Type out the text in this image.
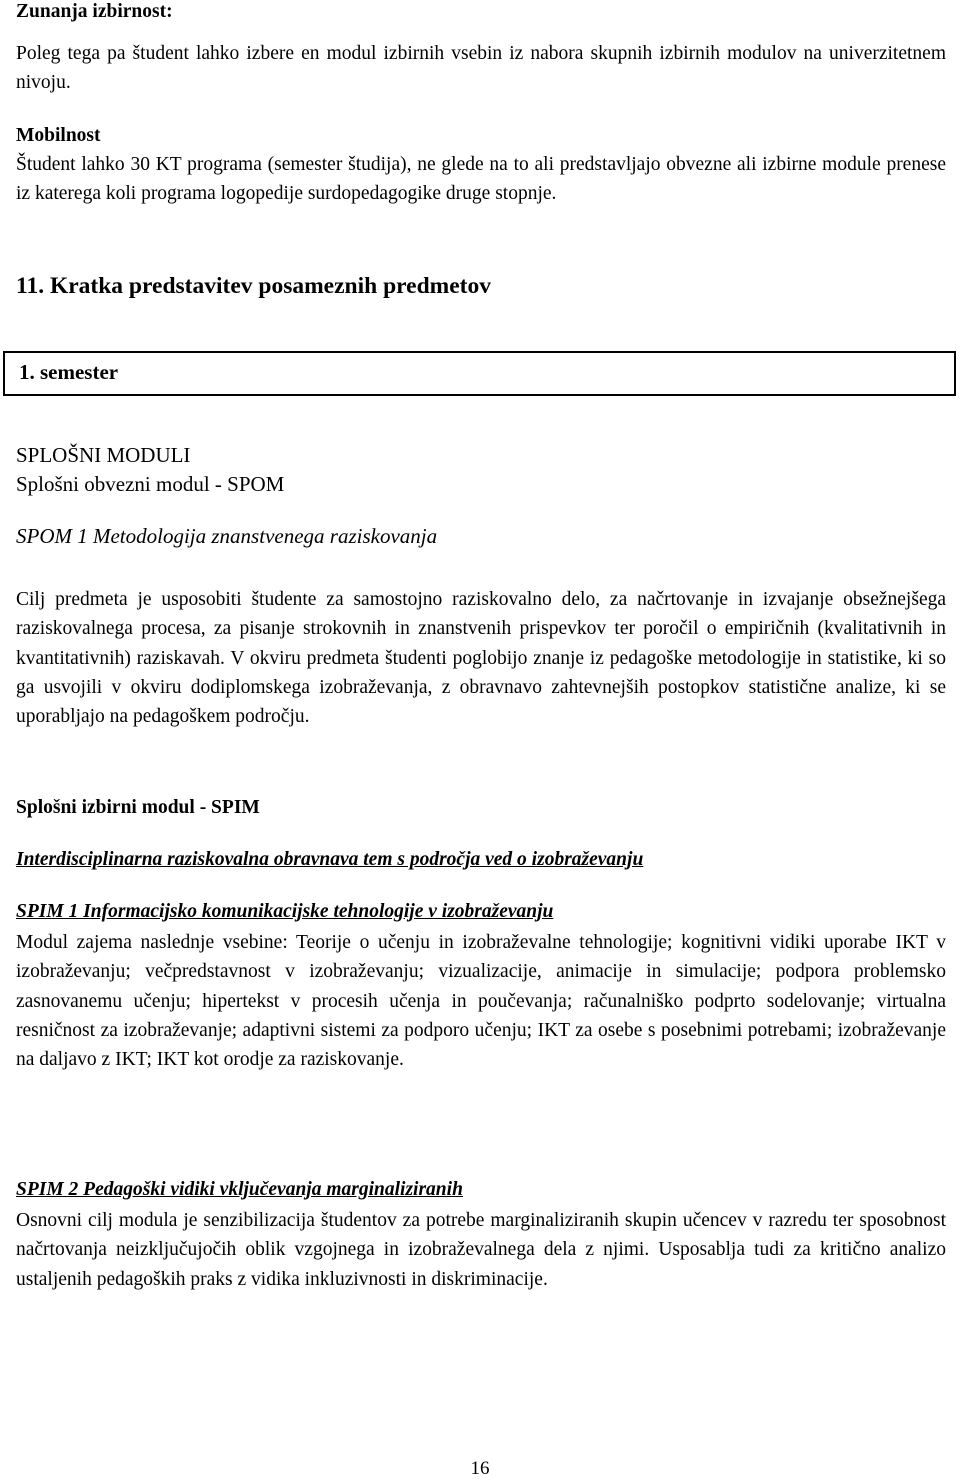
Zunanja izbirnost:
Poleg tega pa študent lahko izbere en modul izbirnih vsebin iz nabora skupnih izbirnih modulov na univerzitetnem nivoju.
Mobilnost
Študent lahko 30 KT programa (semester študija), ne glede na to ali predstavljajo obvezne ali izbirne module prenese iz katerega koli programa logopedije surdopedagogike druge stopnje.
11. Kratka predstavitev posameznih predmetov
1. semester
SPLOŠNI MODULI
Splošni obvezni modul - SPOM
SPOM 1 Metodologija znanstvenega raziskovanja
Cilj predmeta je usposobiti študente za samostojno raziskovalno delo, za načrtovanje in izvajanje obsežnejšega raziskovalnega procesa, za pisanje strokovnih in znanstvenih prispevkov ter poročil o empiričnih (kvalitativnih in kvantitativnih) raziskavah. V okviru predmeta študenti poglobijo znanje iz pedagoške metodologije in statistike, ki so ga usvojili v okviru dodiplomskega izobraževanja, z obravnavo zahtevnejših postopkov statistične analize, ki se uporabljajo na pedagoškem področju.
Splošni izbirni modul - SPIM
Interdisciplinarna raziskovalna obravnava tem s področja ved o izobraževanju
SPIM 1 Informacijsko komunikacijske tehnologije v izobraževanju
Modul zajema naslednje vsebine: Teorije o učenju in izobraževalne tehnologije; kognitivni vidiki uporabe IKT v izobraževanju; večpredstavnost v izobraževanju; vizualizacije, animacije in simulacije; podpora problemsko zasnovanemu učenju; hipertekst v procesih učenja in poučevanja; računalniško podprto sodelovanje; virtualna resničnost za izobraževanje; adaptivni sistemi za podporo učenju; IKT za osebe s posebnimi potrebami; izobraževanje na daljavo z IKT; IKT kot orodje za raziskovanje.
SPIM 2 Pedagoški vidiki vključevanja marginaliziranih
Osnovni cilj modula je senzibilizacija študentov za potrebe marginaliziranih skupin učencev v razredu ter sposobnost načrtovanja neizključujočih oblik vzgojnega in izobraževalnega dela z njimi. Usposablja tudi za kritično analizo ustaljenih pedagoških praks z vidika inkluzivnosti in diskriminacije.
16
